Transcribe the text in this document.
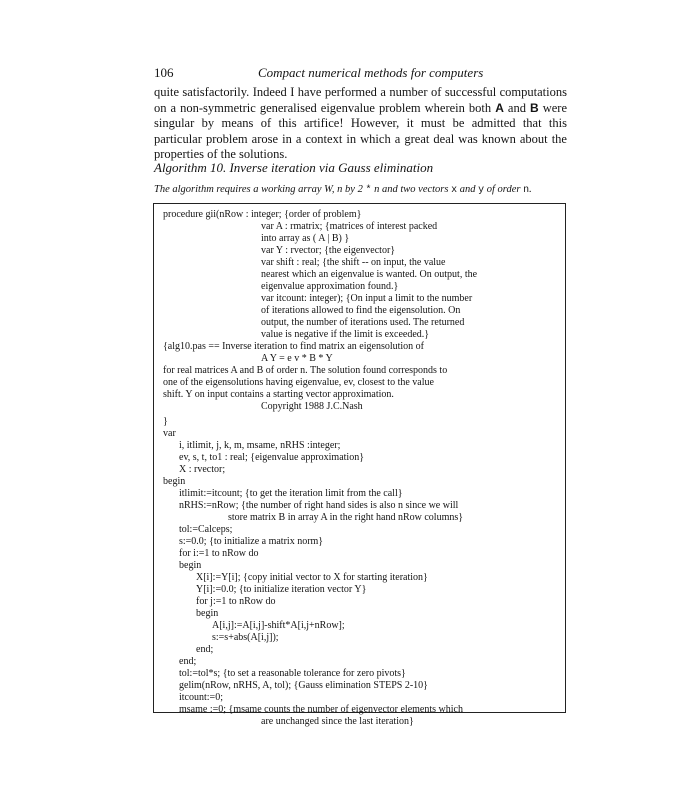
106	Compact numerical methods for computers
quite satisfactorily. Indeed I have performed a number of successful computations on a non-symmetric generalised eigenvalue problem wherein both A and B were singular by means of this artifice! However, it must be admitted that this particular problem arose in a context in which a great deal was known about the properties of the solutions.
Algorithm 10. Inverse iteration via Gauss elimination
The algorithm requires a working array W, n by 2 * n and two vectors x and y of order n.
procedure gii(nRow : integer; {order of problem}
var A : rmatrix; {matrices of interest packed
into array as ( A | B) }
var Y : rvector; {the eigenvector}
var shift : real; {the shift -- on input, the value
nearest which an eigenvalue is wanted. On output, the
eigenvalue approximation found.}
var itcount: integer); {On input a limit to the number
of iterations allowed to find the eigensolution. On
output, the number of iterations used. The returned
value is negative if the limit is exceeded.}
{alg10.pas == Inverse iteration to find matrix an eigensolution of
A Y = e v * B * Y
for real matrices A and B of order n. The solution found corresponds to
one of the eigensolutions having eigenvalue, ev, closest to the value
shift. Y on input contains a starting vector approximation.
Copyright 1988 J.C.Nash
}
var
i, itlimit, j, k, m, msame, nRHS :integer;
ev, s, t, to1 : real; {eigenvalue approximation}
X : rvector;
begin
itlimit:=itcount; {to get the iteration limit from the call}
nRHS:=nRow; {the number of right hand sides is also n since we will
store matrix B in array A in the right hand nRow columns}
tol:=Calceps;
s:=0.0; {to initialize a matrix norm}
for i:=1 to nRow do
begin
X[i]:=Y[i]; {copy initial vector to X for starting iteration}
Y[i]:=0.0; {to initialize iteration vector Y}
for j:=1 to nRow do
begin
A[i,j]:=A[i,j]-shift*A[i,j+nRow];
s:=s+abs(A[i,j]);
end;
end;
tol:=tol*s; {to set a reasonable tolerance for zero pivots}
gelim(nRow, nRHS, A, tol); {Gauss elimination STEPS 2-10}
itcount:=0;
msame :=0; {msame counts the number of eigenvector elements which
are unchanged since the last iteration}
